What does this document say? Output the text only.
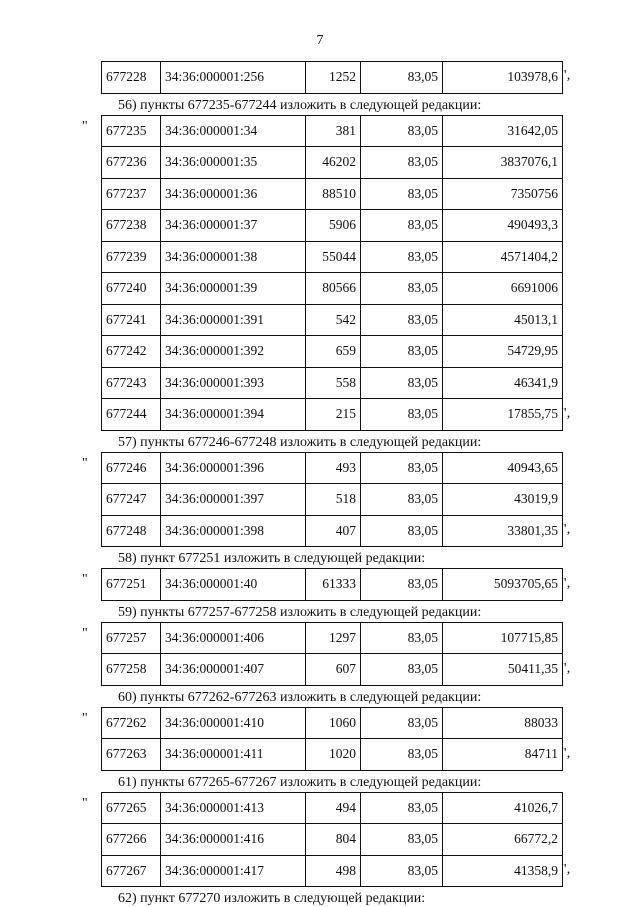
7
677228	34:36:000001:256	1252	83,05	103978,6 ",
56) пункты 677235-677244 изложить в следующей редакции:
" 677235	34:36:000001:34	381	83,05	31642,05
677236	34:36:000001:35	46202	83,05	3837076,1
677237	34:36:000001:36	88510	83,05	7350756
677238	34:36:000001:37	5906	83,05	490493,3
677239	34:36:000001:38	55044	83,05	4571404,2
677240	34:36:000001:39	80566	83,05	6691006
677241	34:36:000001:391	542	83,05	45013,1
677242	34:36:000001:392	659	83,05	54729,95
677243	34:36:000001:393	558	83,05	46341,9
677244	34:36:000001:394	215	83,05	17855,75 ",
57) пункты 677246-677248 изложить в следующей редакции:
" 677246	34:36:000001:396	493	83,05	40943,65
677247	34:36:000001:397	518	83,05	43019,9
677248	34:36:000001:398	407	83,05	33801,35 ",
58) пункт 677251 изложить в следующей редакции:
" 677251	34:36:000001:40	61333	83,05	5093705,65 ",
59) пункты 677257-677258 изложить в следующей редакции:
" 677257	34:36:000001:406	1297	83,05	107715,85
677258	34:36:000001:407	607	83,05	50411,35 ",
60) пункты 677262-677263 изложить в следующей редакции:
" 677262	34:36:000001:410	1060	83,05	88033
677263	34:36:000001:411	1020	83,05	84711 ",
61) пункты 677265-677267 изложить в следующей редакции:
" 677265	34:36:000001:413	494	83,05	41026,7
677266	34:36:000001:416	804	83,05	66772,2
677267	34:36:000001:417	498	83,05	41358,9 ",
62) пункт 677270 изложить в следующей редакции:
